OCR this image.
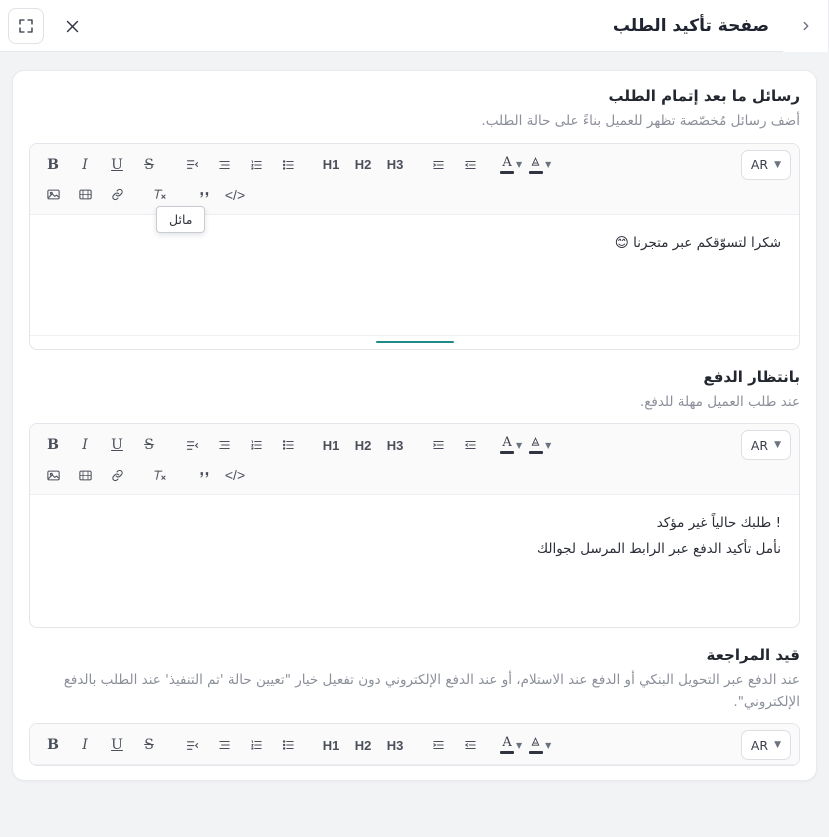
صفحة تأكيد الطلب
رسائل ما بعد إتمام الطلب

أضف رسائل مُخصّصة تظهر للعميل بناءً على حالة الطلب.

B	I	U	S	H1	H2	H3	A ▼	▼	AR ▼
</>
مائل

شكرا لتسوّقكم عبر متجرنا 😊

بانتظار الدفع

عند طلب العميل مهلة للدفع.

B	I	U	S	H1	H2	H3	A ▼	▼	AR ▼
</>

! طلبك حالياً غير مؤكد

نأمل تأكيد الدفع عبر الرابط المرسل لجوالك

قيد المراجعة

عند الدفع عبر التحويل البنكي أو الدفع عند الاستلام، أو عند الدفع الإلكتروني دون تفعيل خيار "تعيين حالة 'تم التنفيذ' عند الطلب بالدفع الإلكتروني".

B	I	U	S	H1	H2	H3	A ▼	▼	AR ▼
